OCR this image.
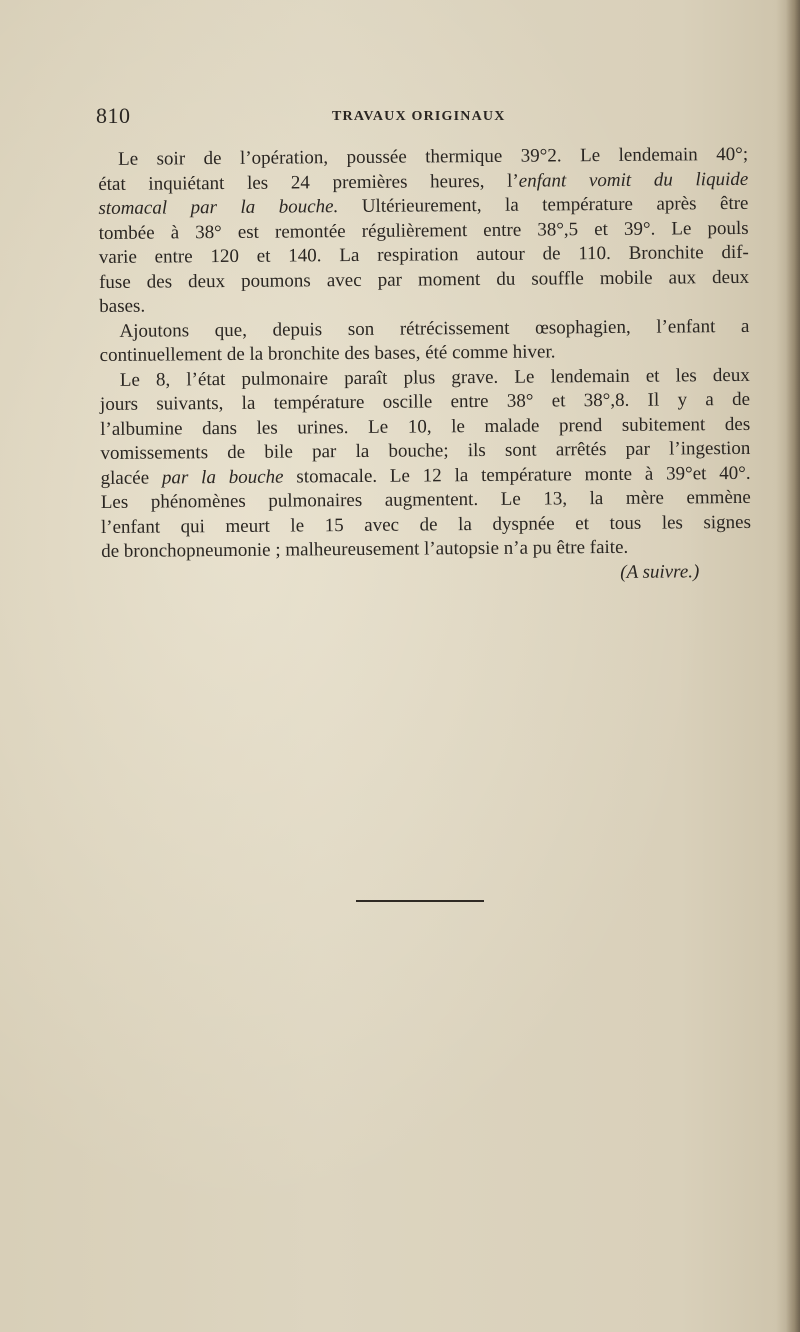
810	TRAVAUX ORIGINAUX
Le soir de l’opération, poussée thermique 39°2. Le lendemain 40°;
état inquiétant les 24 premières heures, l’enfant vomit du liquide
stomacal par la bouche. Ultérieurement, la température après être
tombée à 38° est remontée régulièrement entre 38°,5 et 39°. Le pouls
varie entre 120 et 140. La respiration autour de 110. Bronchite dif-
fuse des deux poumons avec par moment du souffle mobile aux deux
bases.
Ajoutons que, depuis son rétrécissement œsophagien, l’enfant a
continuellement de la bronchite des bases, été comme hiver.
Le 8, l’état pulmonaire paraît plus grave. Le lendemain et les deux
jours suivants, la température oscille entre 38° et 38°,8. Il y a de
l’albumine dans les urines. Le 10, le malade prend subitement des
vomissements de bile par la bouche; ils sont arrêtés par l’ingestion
glacée par la bouche stomacale. Le 12 la température monte à 39°et 40°.
Les phénomènes pulmonaires augmentent. Le 13, la mère emmène
l’enfant qui meurt le 15 avec de la dyspnée et tous les signes
de bronchopneumonie ; malheureusement l’autopsie n’a pu être faite.
(A suivre.)
